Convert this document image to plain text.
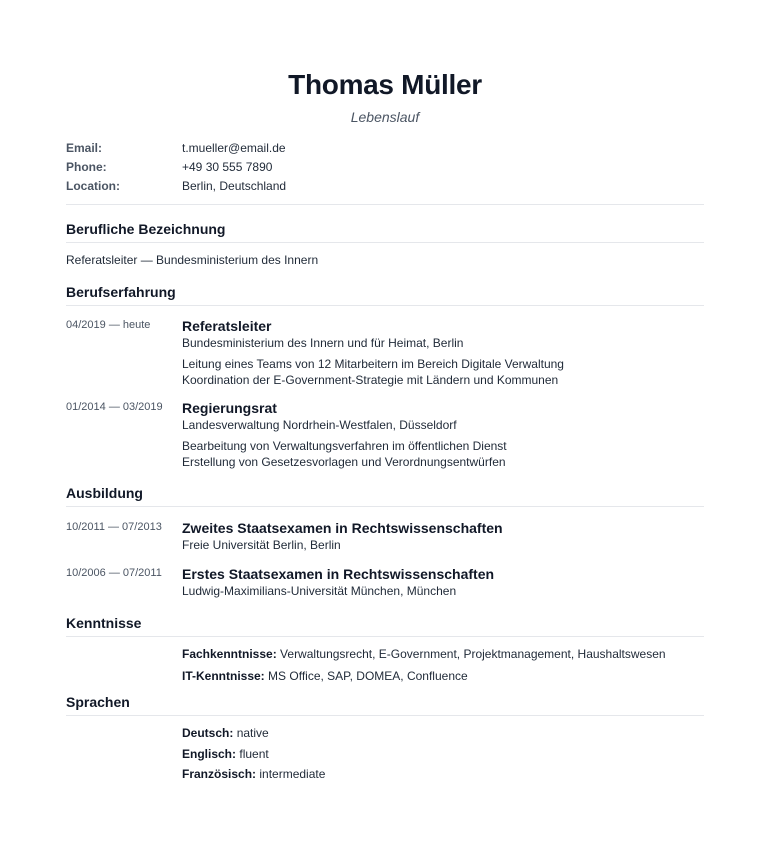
Thomas Müller
Lebenslauf
Email:	t.mueller@email.de
Phone:	+49 30 555 7890
Location:	Berlin, Deutschland
Berufliche Bezeichnung
Referatsleiter — Bundesministerium des Innern
Berufserfahrung
04/2019 — heute	Referatsleiter
Bundesministerium des Innern und für Heimat, Berlin
Leitung eines Teams von 12 Mitarbeitern im Bereich Digitale Verwaltung
Koordination der E-Government-Strategie mit Ländern und Kommunen
01/2014 — 03/2019	Regierungsrat
Landesverwaltung Nordrhein-Westfalen, Düsseldorf
Bearbeitung von Verwaltungsverfahren im öffentlichen Dienst
Erstellung von Gesetzesvorlagen und Verordnungsentwürfen
Ausbildung
10/2011 — 07/2013	Zweites Staatsexamen in Rechtswissenschaften
Freie Universität Berlin, Berlin
10/2006 — 07/2011	Erstes Staatsexamen in Rechtswissenschaften
Ludwig-Maximilians-Universität München, München
Kenntnisse
Fachkenntnisse: Verwaltungsrecht, E-Government, Projektmanagement, Haushaltswesen
IT-Kenntnisse: MS Office, SAP, DOMEA, Confluence
Sprachen
Deutsch: native
Englisch: fluent
Französisch: intermediate
